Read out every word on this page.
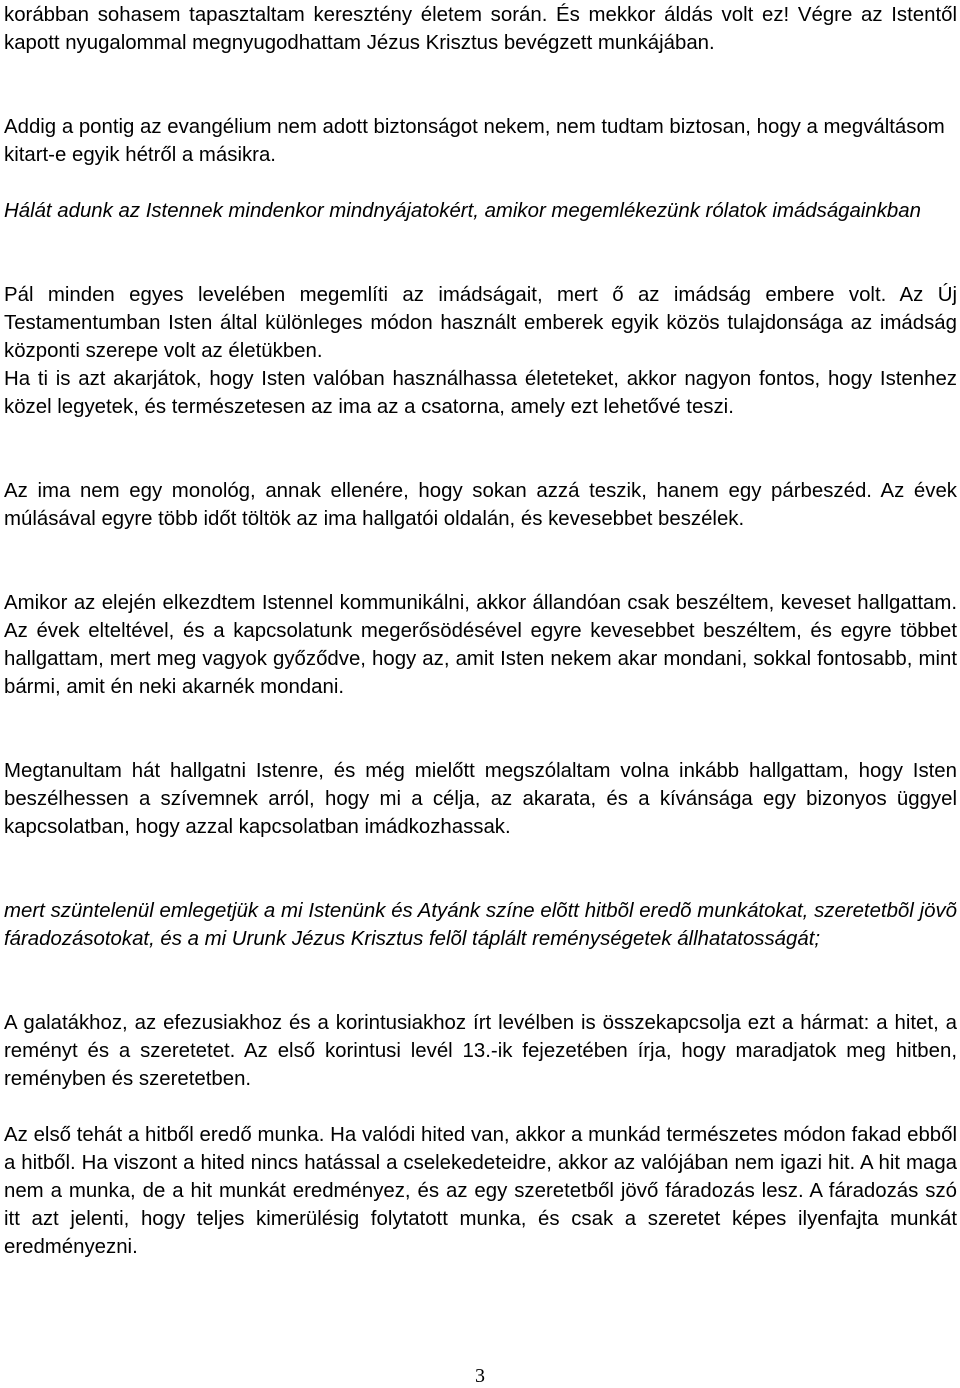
korábban sohasem tapasztaltam keresztény életem során. És mekkor áldás volt ez! Végre az Istentől kapott nyugalommal megnyugodhattam Jézus Krisztus bevégzett munkájában.

Addig a pontig az evangélium nem adott biztonságot nekem, nem tudtam biztosan, hogy a megváltásom kitart-e egyik hétről a másikra.

Hálát adunk az Istennek mindenkor mindnyájatokért, amikor megemlékezünk rólatok imádságainkban

Pál minden egyes levelében megemlíti az imádságait, mert ő az imádság embere volt. Az Új Testamentumban Isten által különleges módon használt emberek egyik közös tulajdonsága az imádság központi szerepe volt az életükben.

Ha ti is azt akarjátok, hogy Isten valóban használhassa életeteket, akkor nagyon fontos, hogy Istenhez közel legyetek, és természetesen az ima az a csatorna, amely ezt lehetővé teszi.

Az ima nem egy monológ, annak ellenére, hogy sokan azzá teszik, hanem egy párbeszéd. Az évek múlásával egyre több időt töltök az ima hallgatói oldalán, és kevesebbet beszélek.

Amikor az elején elkezdtem Istennel kommunikálni, akkor állandóan csak beszéltem, keveset hallgattam. Az évek elteltével, és a kapcsolatunk megerősödésével egyre kevesebbet beszéltem, és egyre többet hallgattam, mert meg vagyok győződve, hogy az, amit Isten nekem akar mondani, sokkal fontosabb, mint bármi, amit én neki akarnék mondani.

Megtanultam hát hallgatni Istenre, és még mielőtt megszólaltam volna inkább hallgattam, hogy Isten beszélhessen a szívemnek arról, hogy mi a célja, az akarata, és a kívánsága egy bizonyos üggyel kapcsolatban, hogy azzal kapcsolatban imádkozhassak.

mert szüntelenül emlegetjük a mi Istenünk és Atyánk színe elõtt hitbõl eredõ munkátokat, szeretetbõl jövõ fáradozásotokat, és a mi Urunk Jézus Krisztus felõl táplált reménységetek állhatatosságát;

A galatákhoz, az efezusiakhoz és a korintusiakhoz írt levélben is összekapcsolja ezt a hármat: a hitet, a reményt és a szeretetet. Az első korintusi levél 13.-ik fejezetében írja, hogy maradjatok meg hitben, reményben és szeretetben.

Az első tehát a hitből eredő munka. Ha valódi hited van, akkor a munkád természetes módon fakad ebből a hitből. Ha viszont a hited nincs hatással a cselekedeteidre, akkor az valójában nem igazi hit. A hit maga nem a munka, de a hit munkát eredményez, és az egy szeretetből jövő fáradozás lesz. A fáradozás szó itt azt jelenti, hogy teljes kimerülésig folytatott munka, és csak a szeretet képes ilyenfajta munkát eredményezni.

3
